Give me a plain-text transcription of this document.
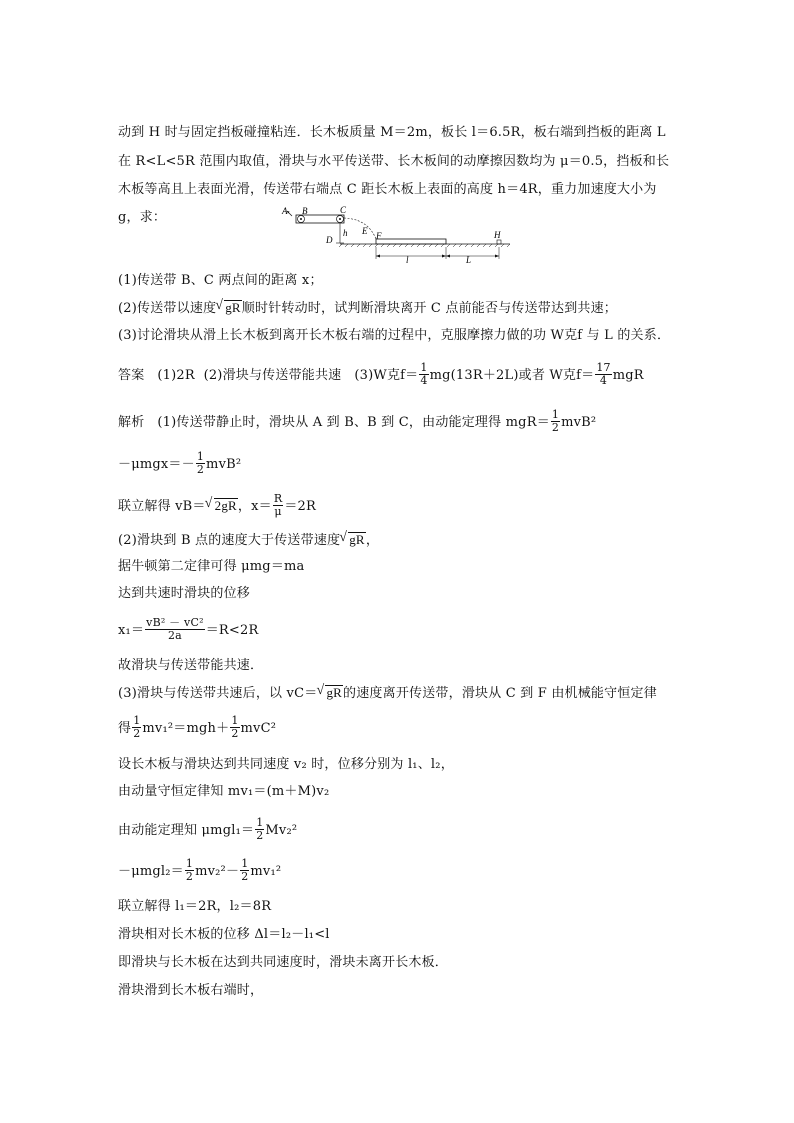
动到 H 时与固定挡板碰撞粘连．长木板质量 M＝2m，板长 l＝6.5R，板右端到挡板的距离 L
在 R<L<5R 范围内取值，滑块与水平传送带、长木板间的动摩擦因数均为 μ＝0.5，挡板和长
木板等高且上表面光滑，传送带右端点 C 距长木板上表面的高度 h＝4R，重力加速度大小为
g，求：	A B	C
D
E F	H
h
l	L
(1)传送带 B、C 两点间的距离 x；
(2)传送带以速度 √ gR顺时针转动时，试判断滑块离开 C 点前能否与传送带达到共速；
(3)讨论滑块从滑上长木板到离开长木板右端的过程中，克服摩擦力做的功 W克f 与 L 的关系．
答案 (1)2R (2)滑块与传送带能共速 (3)W克$f= \frac{1}{4} mg(13R+2L)$或者 W克$f= \frac{17}{4}$ mgR
解析 (1)传送带静止时，滑块从 A 到 B、B 到 C，由动能定理得 $mgR= \frac{1}{2} mvB^2$
$-\mu mgx=- \frac{1}{2} mvB^2$
联立解得 vB＝ √ 2gR，$x= \frac{R}{\mu} =2R$
(2)滑块到 B 点的速度大于传送带速度 √ gR，
据牛顿第二定律可得 μmg＝ma
达到共速时滑块的位移
$x_1= \frac{\text{vB² － vC²}}{2a} =R<2R$
故滑块与传送带能共速．
(3)滑块与传送带共速后，以 vC＝ √ gR的速度离开传送带，滑块从 C 到 F 由机械能守恒定律
得 $\frac{1}{2} mv_1^2=mgh+ \frac{1}{2} mvC^2$
设长木板与滑块达到共同速度 v₂ 时，位移分别为 l₁、l₂，
由动量守恒定律知 mv₁＝(m＋M)v₂
由动能定理知 $\mu mgl_1= \frac{1}{2} Mv_2^2$
$-\mu mgl_2= \frac{1}{2} mv_2^2- \frac{1}{2} mv_1^2$
联立解得 l₁＝2R，l₂＝8R
滑块相对长木板的位移 Δl＝l₂－l₁<l
即滑块与长木板在达到共同速度时，滑块未离开长木板．
滑块滑到长木板右端时，
